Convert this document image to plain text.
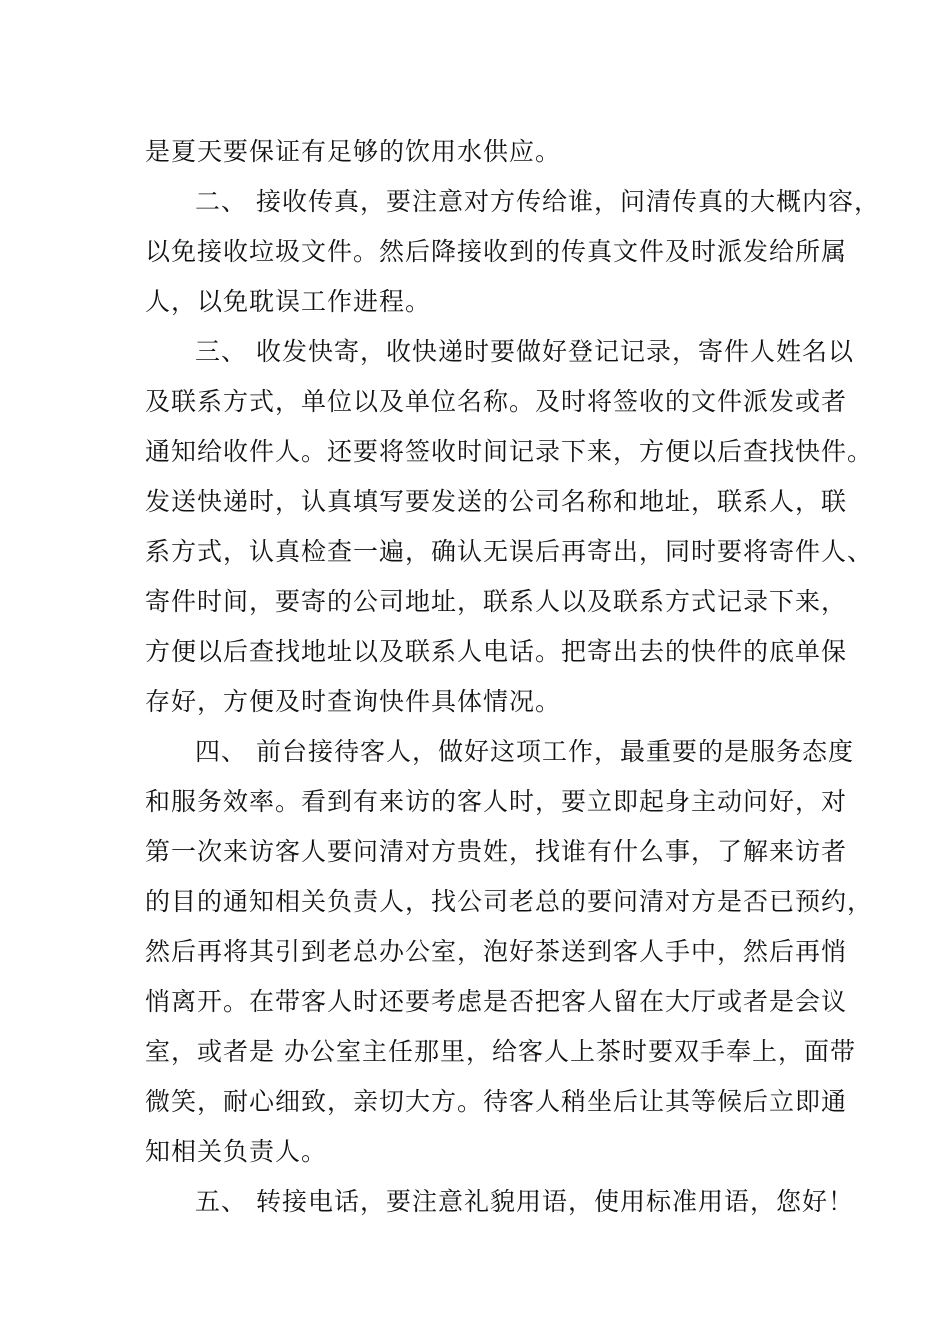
是夏天要保证有足够的饮用水供应。
二、 接收传真，要注意对方传给谁，问清传真的大概内容，
以免接收垃圾文件。然后降接收到的传真文件及时派发给所属
人，以免耽误工作进程。
三、 收发快寄，收快递时要做好登记记录，寄件人姓名以
及联系方式，单位以及单位名称。及时将签收的文件派发或者
通知给收件人。还要将签收时间记录下来，方便以后查找快件。
发送快递时，认真填写要发送的公司名称和地址，联系人，联
系方式，认真检查一遍，确认无误后再寄出，同时要将寄件人、
寄件时间，要寄的公司地址，联系人以及联系方式记录下来，
方便以后查找地址以及联系人电话。把寄出去的快件的底单保
存好，方便及时查询快件具体情况。
四、 前台接待客人，做好这项工作，最重要的是服务态度
和服务效率。看到有来访的客人时，要立即起身主动问好，对
第一次来访客人要问清对方贵姓，找谁有什么事，了解来访者
的目的通知相关负责人，找公司老总的要问清对方是否已预约，
然后再将其引到老总办公室，泡好茶送到客人手中，然后再悄
悄离开。在带客人时还要考虑是否把客人留在大厅或者是会议
室，或者是 办公室主任那里，给客人上茶时要双手奉上，面带
微笑，耐心细致，亲切大方。待客人稍坐后让其等候后立即通
知相关负责人。
五、 转接电话，要注意礼貌用语，使用标准用语，您好！
